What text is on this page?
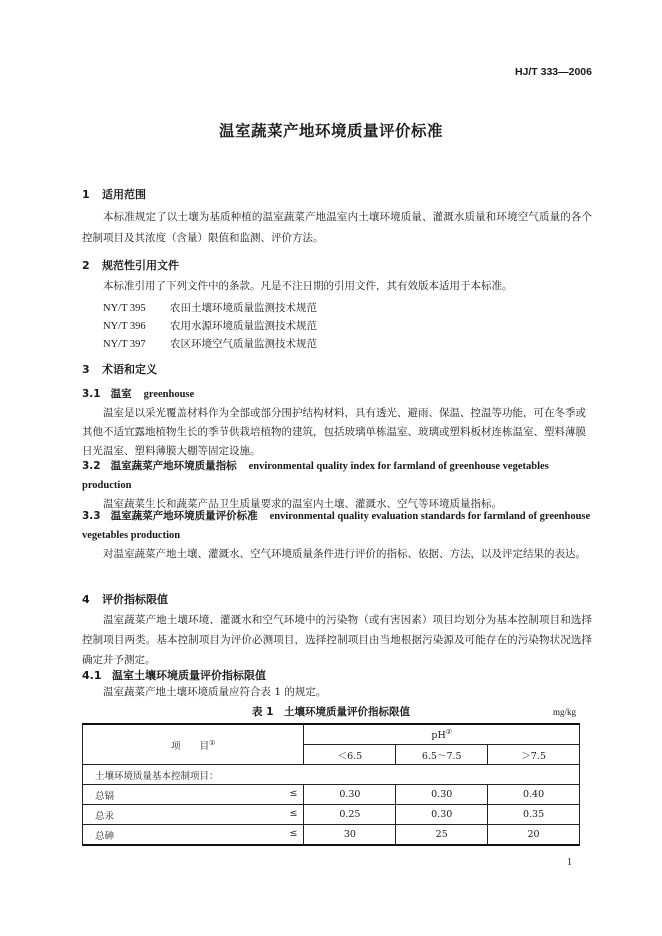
HJ/T 333—2006
温室蔬菜产地环境质量评价标准
1 适用范围
本标准规定了以土壤为基质种植的温室蔬菜产地温室内土壤环境质量、灌溉水质量和环境空气质量的各个控制项目及其浓度（含量）限值和监测、评价方法。
2 规范性引用文件
本标准引用了下列文件中的条款。凡是不注日期的引用文件，其有效版本适用于本标准。
NY/T 395 农田土壤环境质量监测技术规范
NY/T 396 农用水源环境质量监测技术规范
NY/T 397 农区环境空气质量监测技术规范
3 术语和定义
3.1 温室 greenhouse
温室是以采光覆盖材料作为全部或部分围护结构材料，具有透光、避雨、保温、控温等功能，可在冬季或其他不适宜露地植物生长的季节供栽培植物的建筑，包括玻璃单栋温室、玻璃或塑料板材连栋温室、塑料薄膜日光温室、塑料薄膜大棚等固定设施。
3.2 温室蔬菜产地环境质量指标 environmental quality index for farmland of greenhouse vegetables production
温室蔬菜生长和蔬菜产品卫生质量要求的温室内土壤、灌溉水、空气等环境质量指标。
3.3 温室蔬菜产地环境质量评价标准 environmental quality evaluation standards for farmland of greenhouse vegetables production
对温室蔬菜产地土壤、灌溉水、空气环境质量条件进行评价的指标、依据、方法，以及评定结果的表达。
4 评价指标限值
温室蔬菜产地土壤环境、灌溉水和空气环境中的污染物（或有害因素）项目均划分为基本控制项目和选择控制项目两类。基本控制项目为评价必测项目，选择控制项目由当地根据污染源及可能存在的污染物状况选择确定并予测定。
4.1 温室土壤环境质量评价指标限值
温室蔬菜产地土壤环境质量应符合表 1 的规定。
表 1　土壤环境质量评价指标限值	mg/kg
项　　目①	pH②
	＜6.5	6.5～7.5	＞7.5
土壤环境质量基本控制项目：			
总镉 ≤	0.30	0.30	0.40
总汞 ≤	0.25	0.30	0.35
总砷 ≤	30	25	20
1
